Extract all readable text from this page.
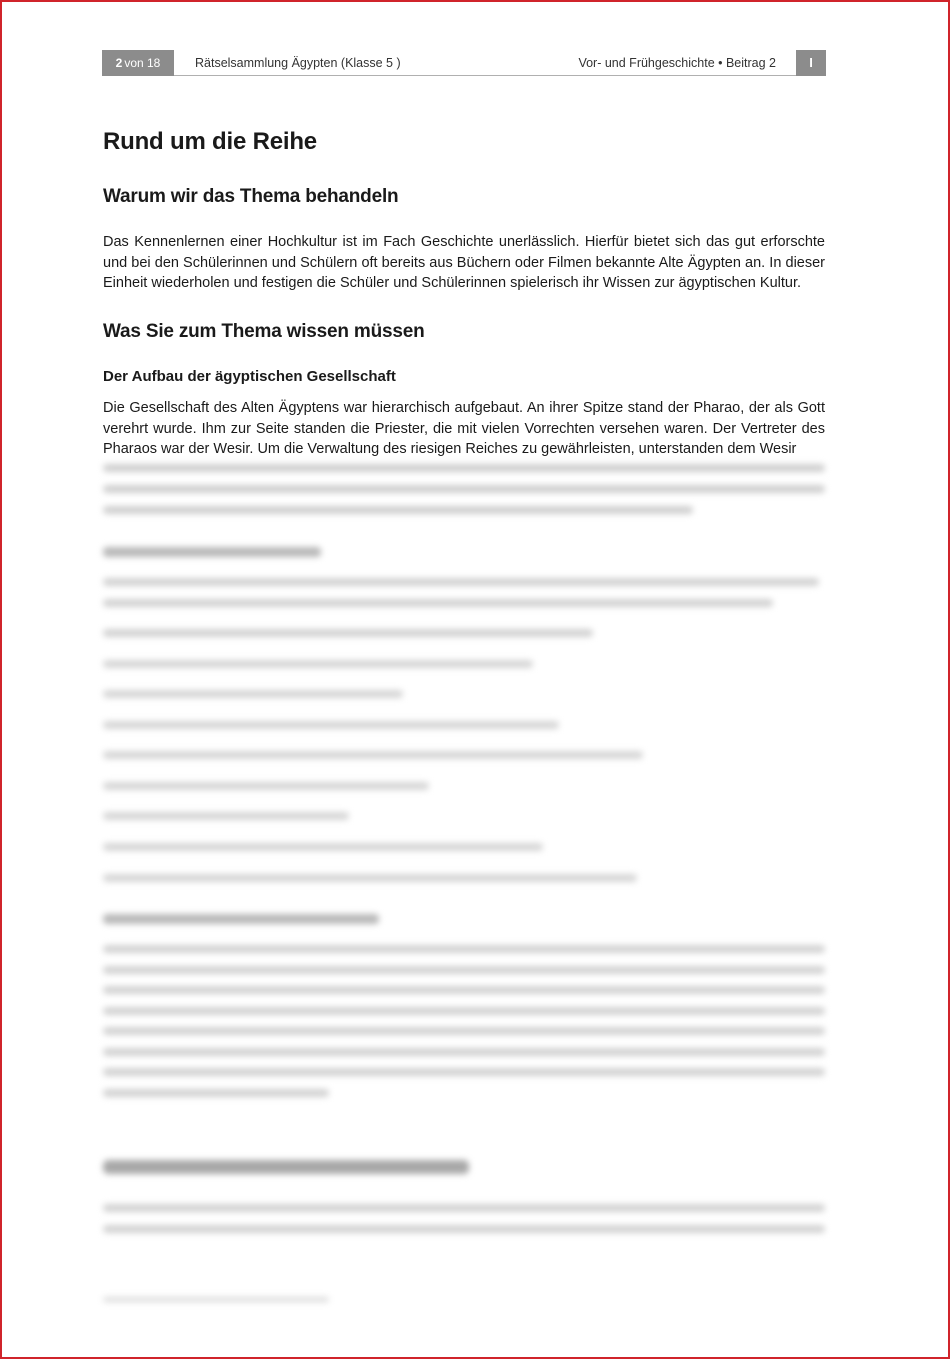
2 von 18	Rätselsammlung Ägypten (Klasse 5 )	Vor- und Frühgeschichte • Beitrag 2	I
Rund um die Reihe
Warum wir das Thema behandeln

Das Kennenlernen einer Hochkultur ist im Fach Geschichte unerlässlich. Hierfür bietet sich das gut erforschte und bei den Schülerinnen und Schülern oft bereits aus Büchern oder Filmen bekannte Alte Ägypten an. In dieser Einheit wiederholen und festigen die Schüler und Schülerinnen spielerisch ihr Wissen zur ägyptischen Kultur.

Was Sie zum Thema wissen müssen
Der Aufbau der ägyptischen Gesellschaft

Die Gesellschaft des Alten Ägyptens war hierarchisch aufgebaut. An ihrer Spitze stand der Pharao, der als Gott verehrt wurde. Ihm zur Seite standen die Priester, die mit vielen Vorrechten versehen waren. Der Vertreter des Pharaos war der Wesir. Um die Verwaltung des riesigen Reiches zu gewährleisten, unterstanden dem Wesir
